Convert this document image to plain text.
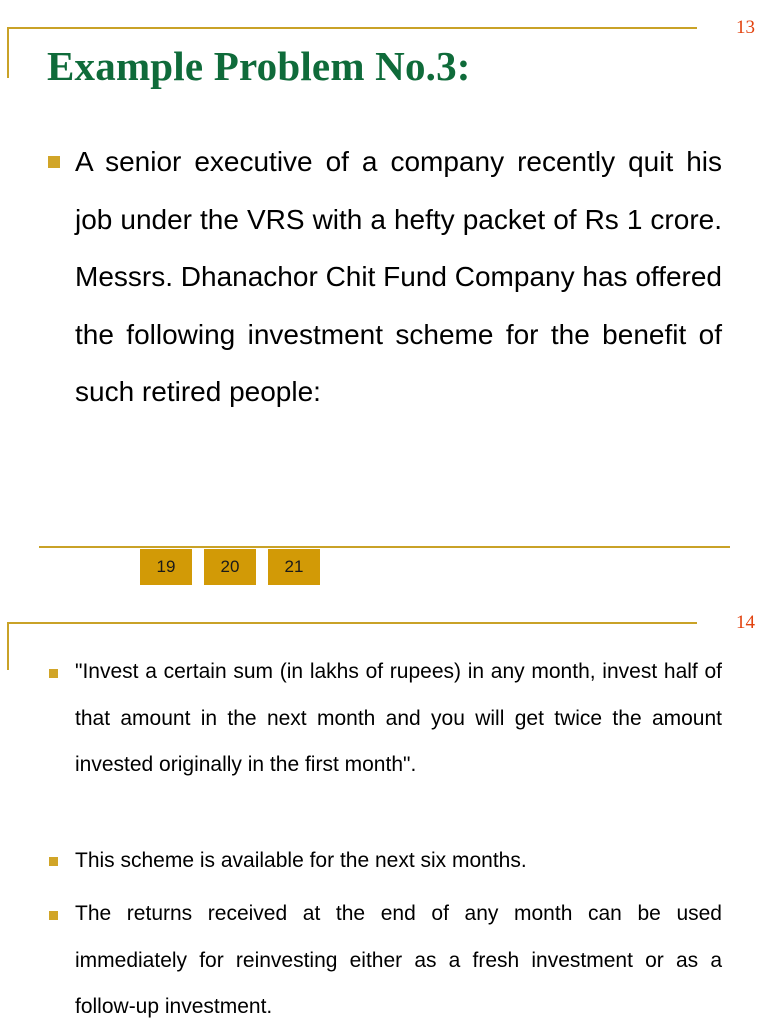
13
Example Problem No.3:

A senior executive of a company recently quit his job under the VRS with a hefty packet of Rs 1 crore. Messrs. Dhanachor Chit Fund Company has offered the following investment scheme for the benefit of such retired people:

19	20	21
14

"Invest a certain sum (in lakhs of rupees) in any month, invest half of that amount in the next month and you will get twice the amount invested originally in the first month".

This scheme is available for the next six months.

The returns received at the end of any month can be used immediately for reinvesting either as a fresh investment or as a follow-up investment.
